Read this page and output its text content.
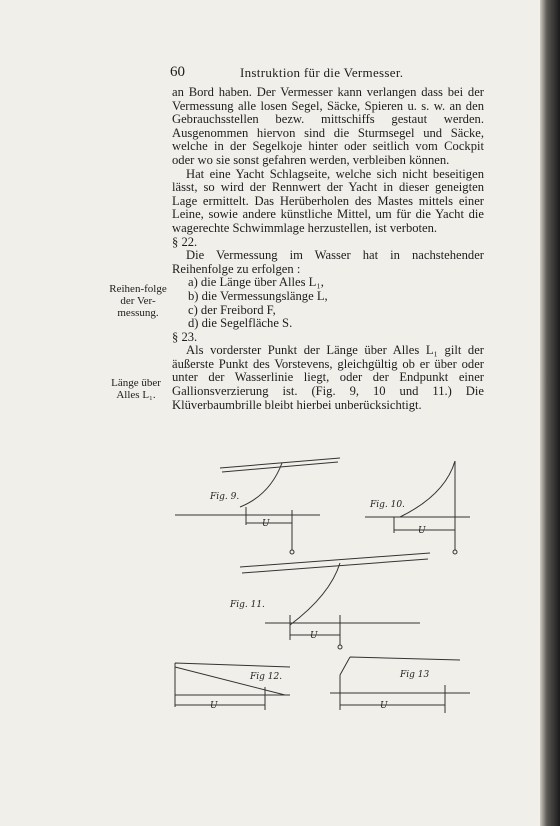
60	Instruktion für die Vermesser.
Reihen-folge der Ver-messung.
Länge über Alles L₁.

an Bord haben. Der Vermesser kann verlangen dass bei der Vermessung alle losen Segel, Säcke, Spieren u. s. w. an den Gebrauchsstellen bezw. mittschiffs gestaut werden. Ausgenommen hiervon sind die Sturmsegel und Säcke, welche in der Segelkoje hinter oder seitlich vom Cockpit oder wo sie sonst gefahren werden, verbleiben können.

Hat eine Yacht Schlagseite, welche sich nicht beseitigen lässt, so wird der Rennwert der Yacht in dieser geneigten Lage ermittelt. Das Herüberholen des Mastes mittels einer Leine, sowie andere künstliche Mittel, um für die Yacht die wagerechte Schwimmlage herzustellen, ist verboten.

§ 22.

Die Vermessung im Wasser hat in nachstehender Reihenfolge zu erfolgen :

a) die Länge über Alles L₁,
b) die Vermessungslänge L,
c) der Freibord F,
d) die Segelfläche S.

§ 23.

Als vorderster Punkt der Länge über Alles L₁ gilt der äußerste Punkt des Vorstevens, gleichgültig ob er über oder unter der Wasserlinie liegt, oder der Endpunkt einer Gallionsverzierung ist. (Fig. 9, 10 und 11.) Die Klüverbaumbrille bleibt hierbei unberücksichtigt.

Fig. 9.
U
Fig. 10.
U
Fig. 11.
U
Fig 12.
U
Fig 13
U
